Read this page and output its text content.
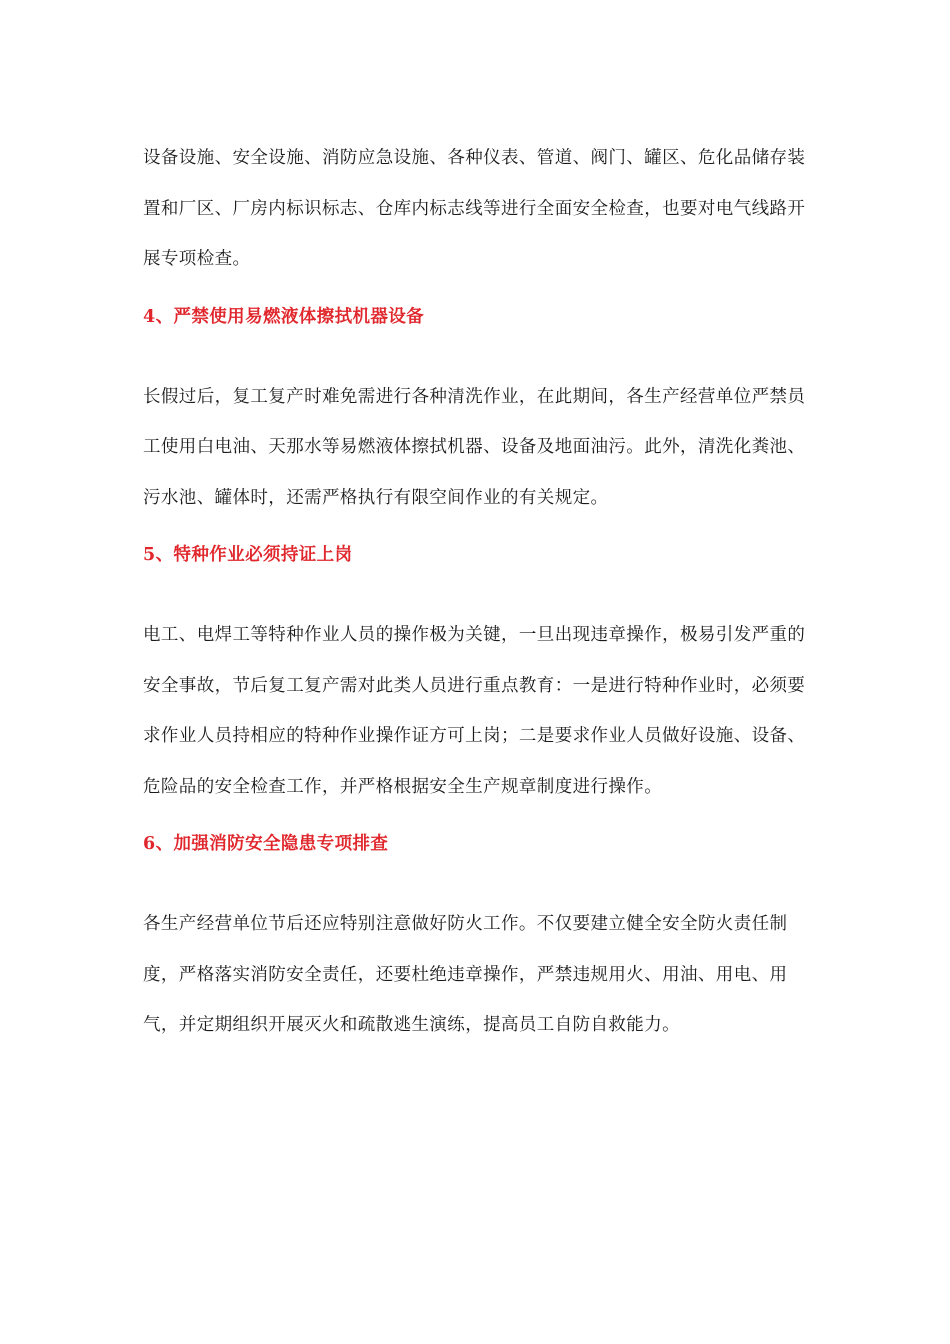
设备设施、安全设施、消防应急设施、各种仪表、管道、阀门、罐区、危化品储存装

置和厂区、厂房内标识标志、仓库内标志线等进行全面安全检查，也要对电气线路开

展专项检查。

4、严禁使用易燃液体擦拭机器设备

长假过后，复工复产时难免需进行各种清洗作业，在此期间，各生产经营单位严禁员

工使用白电油、天那水等易燃液体擦拭机器、设备及地面油污。此外，清洗化粪池、

污水池、罐体时，还需严格执行有限空间作业的有关规定。

5、特种作业必须持证上岗

电工、电焊工等特种作业人员的操作极为关键，一旦出现违章操作，极易引发严重的

安全事故，节后复工复产需对此类人员进行重点教育：一是进行特种作业时，必须要

求作业人员持相应的特种作业操作证方可上岗；二是要求作业人员做好设施、设备、

危险品的安全检查工作，并严格根据安全生产规章制度进行操作。

6、加强消防安全隐患专项排查

各生产经营单位节后还应特别注意做好防火工作。不仅要建立健全安全防火责任制

度，严格落实消防安全责任，还要杜绝违章操作，严禁违规用火、用油、用电、用

气，并定期组织开展灭火和疏散逃生演练，提高员工自防自救能力。
